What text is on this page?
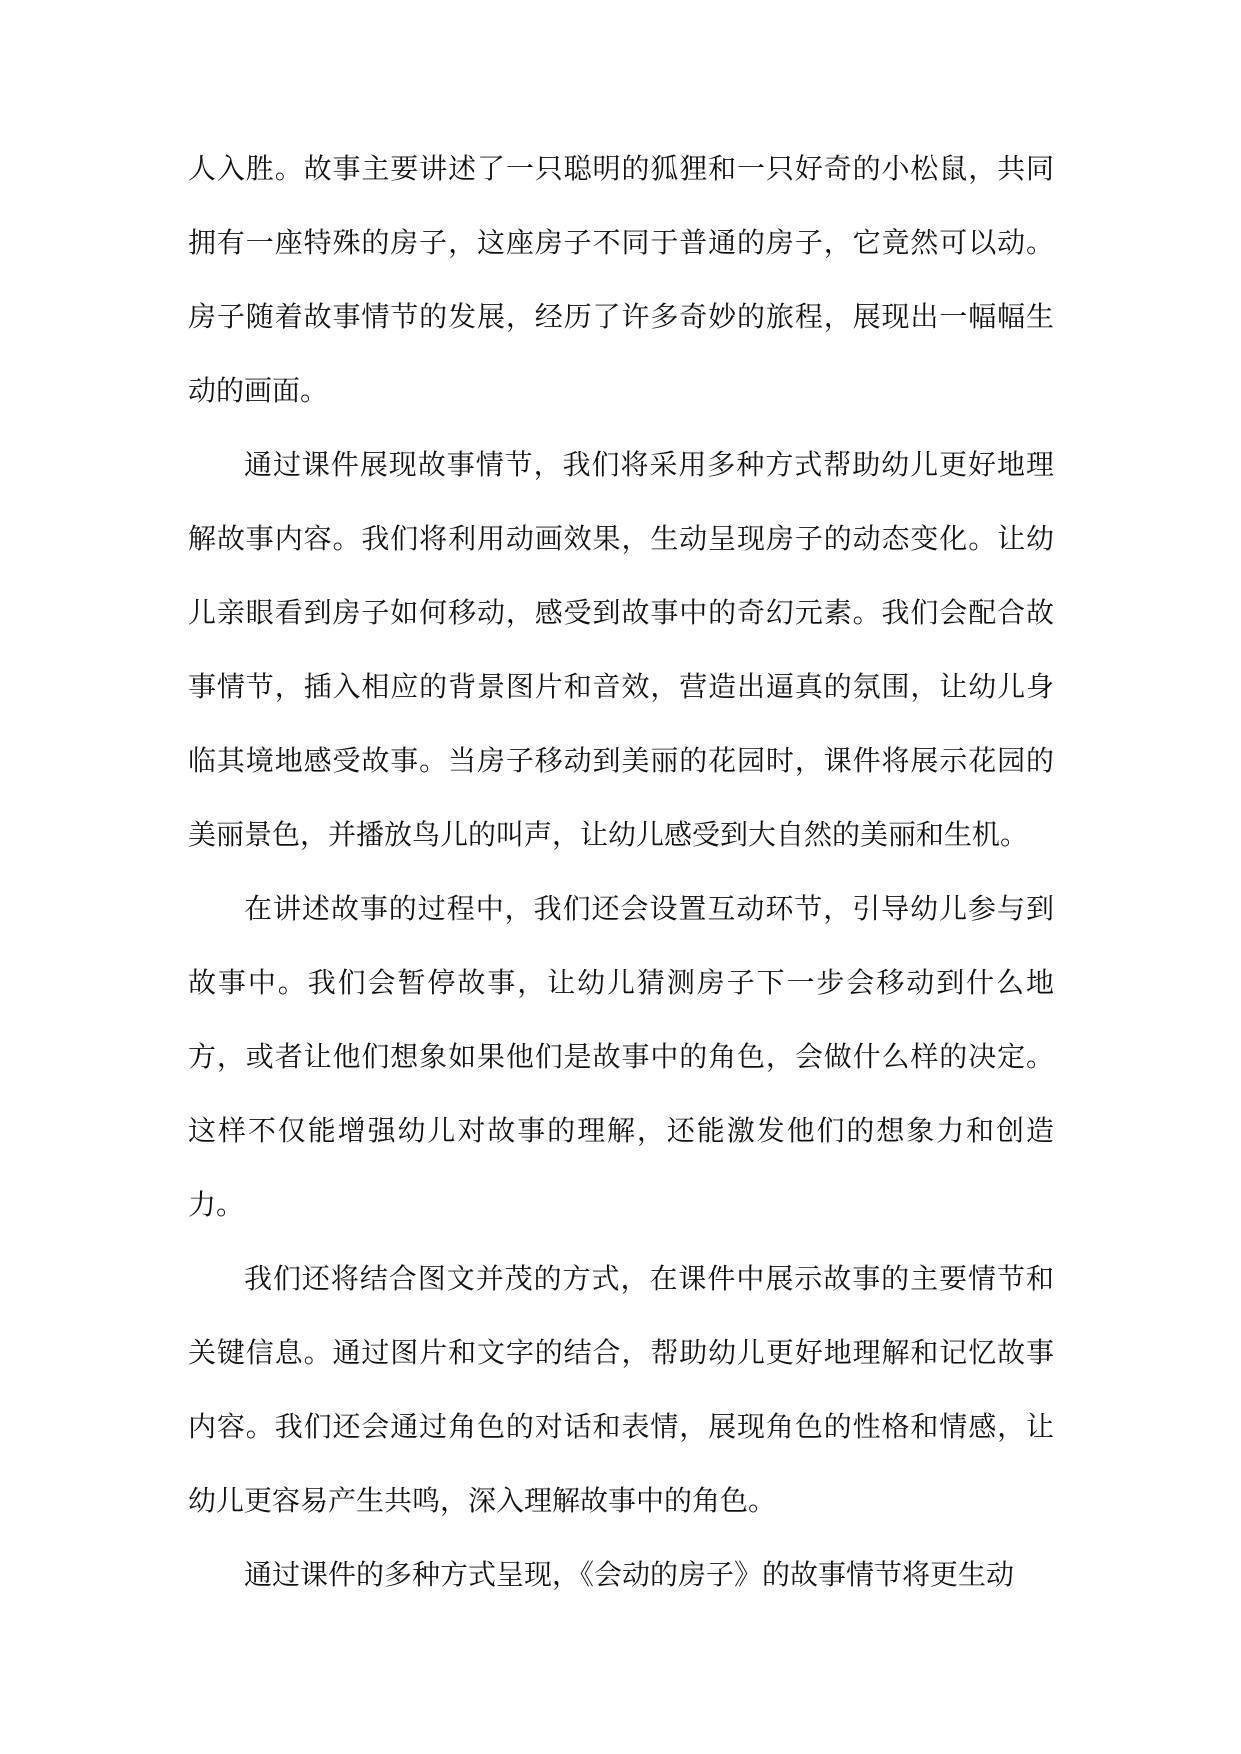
人入胜。故事主要讲述了一只聪明的狐狸和一只好奇的小松鼠，共同拥有一座特殊的房子，这座房子不同于普通的房子，它竟然可以动。房子随着故事情节的发展，经历了许多奇妙的旅程，展现出一幅幅生动的画面。

通过课件展现故事情节，我们将采用多种方式帮助幼儿更好地理解故事内容。我们将利用动画效果，生动呈现房子的动态变化。让幼儿亲眼看到房子如何移动，感受到故事中的奇幻元素。我们会配合故事情节，插入相应的背景图片和音效，营造出逼真的氛围，让幼儿身临其境地感受故事。当房子移动到美丽的花园时，课件将展示花园的美丽景色，并播放鸟儿的叫声，让幼儿感受到大自然的美丽和生机。

在讲述故事的过程中，我们还会设置互动环节，引导幼儿参与到故事中。我们会暂停故事，让幼儿猜测房子下一步会移动到什么地方，或者让他们想象如果他们是故事中的角色，会做什么样的决定。这样不仅能增强幼儿对故事的理解，还能激发他们的想象力和创造力。

我们还将结合图文并茂的方式，在课件中展示故事的主要情节和关键信息。通过图片和文字的结合，帮助幼儿更好地理解和记忆故事内容。我们还会通过角色的对话和表情，展现角色的性格和情感，让幼儿更容易产生共鸣，深入理解故事中的角色。

通过课件的多种方式呈现，《会动的房子》的故事情节将更生动
